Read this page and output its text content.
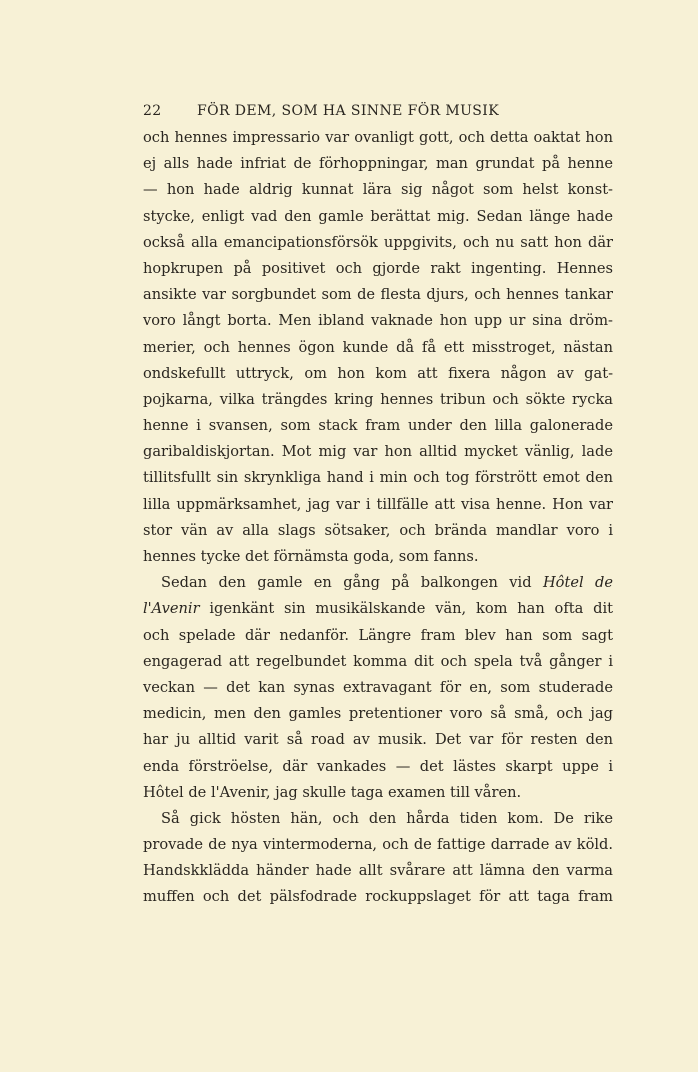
22	FÖR DEM, SOM HA SINNE FÖR MUSIK
och hennes impressario var ovanligt gott, och detta oaktat hon
ej alls hade infriat de förhoppningar, man grundat på henne
— hon hade aldrig kunnat lära sig något som helst konst-
stycke, enligt vad den gamle berättat mig. Sedan länge hade
också alla emancipationsförsök uppgivits, och nu satt hon där
hopkrupen på positivet och gjorde rakt ingenting. Hennes
ansikte var sorgbundet som de flesta djurs, och hennes tankar
voro långt borta. Men ibland vaknade hon upp ur sina dröm-
merier, och hennes ögon kunde då få ett misstroget, nästan
ondskefullt uttryck, om hon kom att fixera någon av gat-
pojkarna, vilka trängdes kring hennes tribun och sökte rycka
henne i svansen, som stack fram under den lilla galonerade
garibaldiskjortan. Mot mig var hon alltid mycket vänlig, lade
tillitsfullt sin skrynkliga hand i min och tog förstrött emot den
lilla uppmärksamhet, jag var i tillfälle att visa henne. Hon var
stor vän av alla slags sötsaker, och brända mandlar voro i
hennes tycke det förnämsta goda, som fanns.
Sedan den gamle en gång på balkongen vid Hôtel de
l'Avenir igenkänt sin musikälskande vän, kom han ofta dit
och spelade där nedanför. Längre fram blev han som sagt
engagerad att regelbundet komma dit och spela två gånger i
veckan — det kan synas extravagant för en, som studerade
medicin, men den gamles pretentioner voro så små, och jag
har ju alltid varit så road av musik. Det var för resten den
enda förströelse, där vankades — det lästes skarpt uppe i
Hôtel de l'Avenir, jag skulle taga examen till våren.
Så gick hösten hän, och den hårda tiden kom. De rike
provade de nya vintermoderna, och de fattige darrade av köld.
Handskklädda händer hade allt svårare att lämna den varma
muffen och det pälsfodrade rockuppslaget för att taga fram
